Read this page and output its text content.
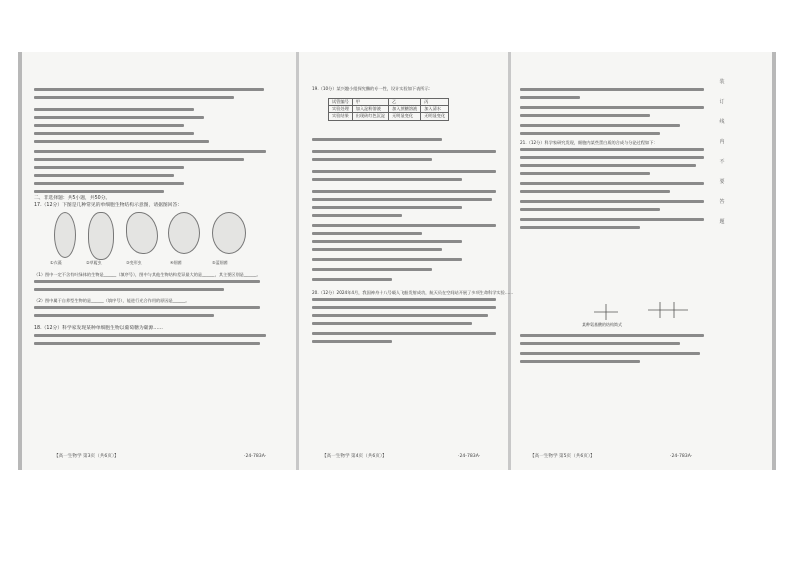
二、非选择题：共5小题，共50分。
17.（12分）下图是几种常见的单细胞生物结构示意图，请据图回答：
①衣藻	②草履虫	③变形虫	④细菌	⑤蓝细菌
（1）图中一定不含有叶绿体的生物是______（填序号），图中与其他生物结构差异最大的是______，其主要区别是______。
（2）图中属于自养型生物的是______（填序号），能进行光合作用的原因是______。
18.（12分）科学家发现某种单细胞生物以葡萄糖为碳源……
【高一生物学 第3页（共6页）】	·24-783A·
19.（10分）某兴趣小组探究酶的专一性，设计实验如下表所示：
试管编号	甲	乙	丙
实验处理	加入淀粉溶液	加入蔗糖溶液	加入清水
实验结果	出现砖红色沉淀	无明显变化	无明显变化
20.（12分）2024年4月，我国神舟十八号载人飞船发射成功，航天员在空间站开展了多项生命科学实验……
【高一生物学 第4页（共6页）】	·24-783A·
21.（12分）科学家研究发现，细胞内某些蛋白质的合成与分泌过程如下：
某种氨基酸的结构简式
【高一生物学 第5页（共6页）】	·24-783A·
装
订
线
内
不
要
答
题
